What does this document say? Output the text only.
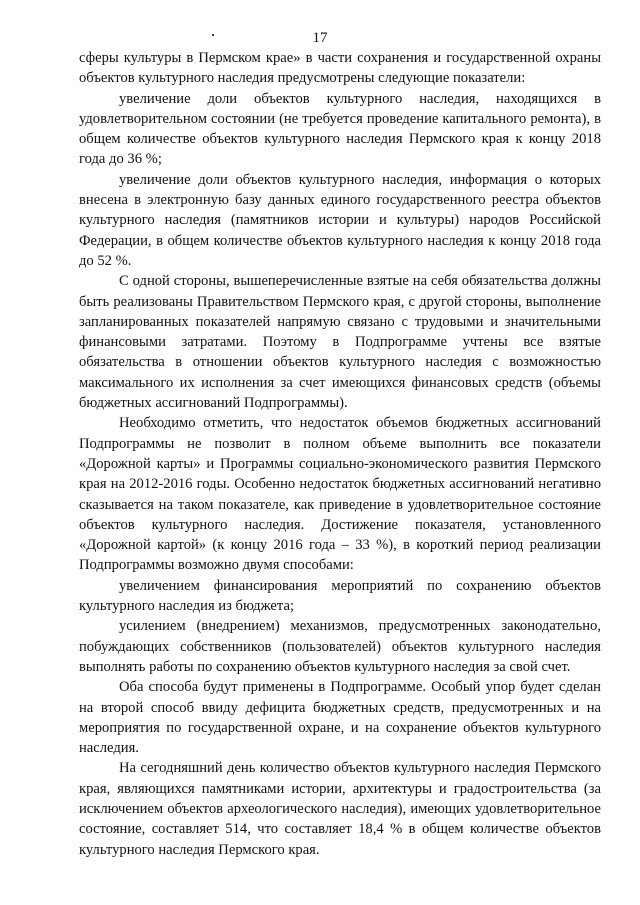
17

сферы культуры в Пермском крае» в части сохранения и государственной охраны объектов культурного наследия предусмотрены следующие показатели:

увеличение доли объектов культурного наследия, находящихся в удовлетворительном состоянии (не требуется проведение капитального ремонта), в общем количестве объектов культурного наследия Пермского края к концу 2018 года до 36 %;

увеличение доли объектов культурного наследия, информация о которых внесена в электронную базу данных единого государственного реестра объектов культурного наследия (памятников истории и культуры) народов Российской Федерации, в общем количестве объектов культурного наследия к концу 2018 года до 52 %.

С одной стороны, вышеперечисленные взятые на себя обязательства должны быть реализованы Правительством Пермского края, с другой стороны, выполнение запланированных показателей напрямую связано с трудовыми и значительными финансовыми затратами. Поэтому в Подпрограмме учтены все взятые обязательства в отношении объектов культурного наследия с возможностью максимального их исполнения за счет имеющихся финансовых средств (объемы бюджетных ассигнований Подпрограммы).

Необходимо отметить, что недостаток объемов бюджетных ассигнований Подпрограммы не позволит в полном объеме выполнить все показатели «Дорожной карты» и Программы социально-экономического развития Пермского края на 2012-2016 годы. Особенно недостаток бюджетных ассигнований негативно сказывается на таком показателе, как приведение в удовлетворительное состояние объектов культурного наследия. Достижение показателя, установленного «Дорожной картой» (к концу 2016 года – 33 %), в короткий период реализации Подпрограммы возможно двумя способами:

увеличением финансирования мероприятий по сохранению объектов культурного наследия из бюджета;

усилением (внедрением) механизмов, предусмотренных законодательно, побуждающих собственников (пользователей) объектов культурного наследия выполнять работы по сохранению объектов культурного наследия за свой счет.

Оба способа будут применены в Подпрограмме. Особый упор будет сделан на второй способ ввиду дефицита бюджетных средств, предусмотренных и на мероприятия по государственной охране, и на сохранение объектов культурного наследия.

На сегодняшний день количество объектов культурного наследия Пермского края, являющихся памятниками истории, архитектуры и градостроительства (за исключением объектов археологического наследия), имеющих удовлетворительное состояние, составляет 514, что составляет 18,4 % в общем количестве объектов культурного наследия Пермского края.
